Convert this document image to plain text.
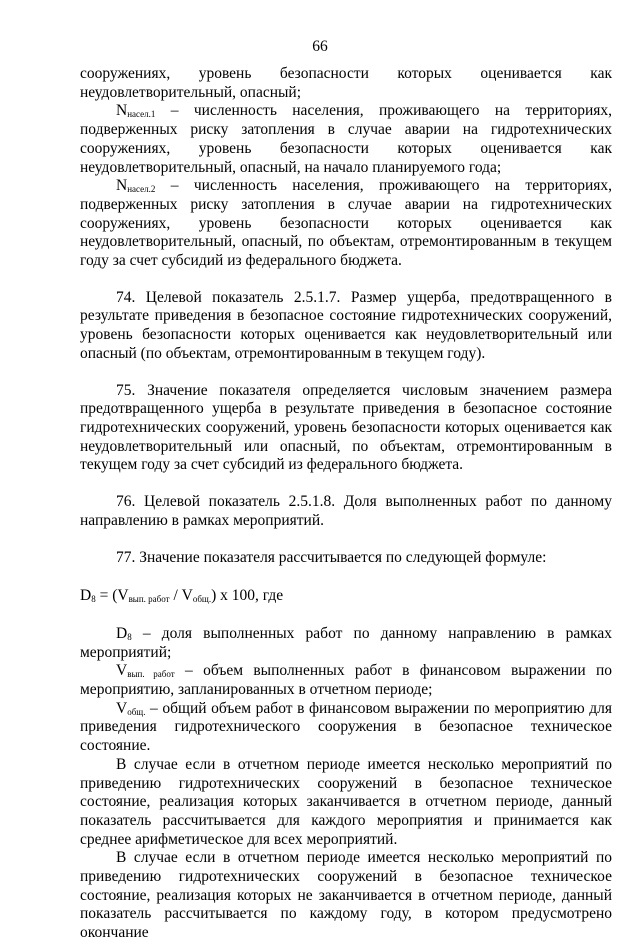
66

сооружениях, уровень безопасности которых оценивается как неудовлетворительный, опасный;

$N_{насел.1}$ – численность населения, проживающего на территориях, подверженных риску затопления в случае аварии на гидротехнических сооружениях, уровень безопасности которых оценивается как неудовлетворительный, опасный, на начало планируемого года;

$N_{насел.2}$ – численность населения, проживающего на территориях, подверженных риску затопления в случае аварии на гидротехнических сооружениях, уровень безопасности которых оценивается как неудовлетворительный, опасный, по объектам, отремонтированным в текущем году за счет субсидий из федерального бюджета.

74. Целевой показатель 2.5.1.7. Размер ущерба, предотвращенного в результате приведения в безопасное состояние гидротехнических сооружений, уровень безопасности которых оценивается как неудовлетворительный или опасный (по объектам, отремонтированным в текущем году).

75. Значение показателя определяется числовым значением размера предотвращенного ущерба в результате приведения в безопасное состояние гидротехнических сооружений, уровень безопасности которых оценивается как неудовлетворительный или опасный, по объектам, отремонтированным в текущем году за счет субсидий из федерального бюджета.

76. Целевой показатель 2.5.1.8. Доля выполненных работ по данному направлению в рамках мероприятий.

77. Значение показателя рассчитывается по следующей формуле:

$D_8 = (V_{вып. работ} / V_{общ.})$ х 100, где

$D_8$ – доля выполненных работ по данному направлению в рамках мероприятий;

$V_{вып. работ}$ – объем выполненных работ в финансовом выражении по мероприятию, запланированных в отчетном периоде;

$V_{общ.}$ – общий объем работ в финансовом выражении по мероприятию для приведения гидротехнического сооружения в безопасное техническое состояние.

В случае если в отчетном периоде имеется несколько мероприятий по приведению гидротехнических сооружений в безопасное техническое состояние, реализация которых заканчивается в отчетном периоде, данный показатель рассчитывается для каждого мероприятия и принимается как среднее арифметическое для всех мероприятий.

В случае если в отчетном периоде имеется несколько мероприятий по приведению гидротехнических сооружений в безопасное техническое состояние, реализация которых не заканчивается в отчетном периоде, данный показатель рассчитывается по каждому году, в котором предусмотрено окончание
